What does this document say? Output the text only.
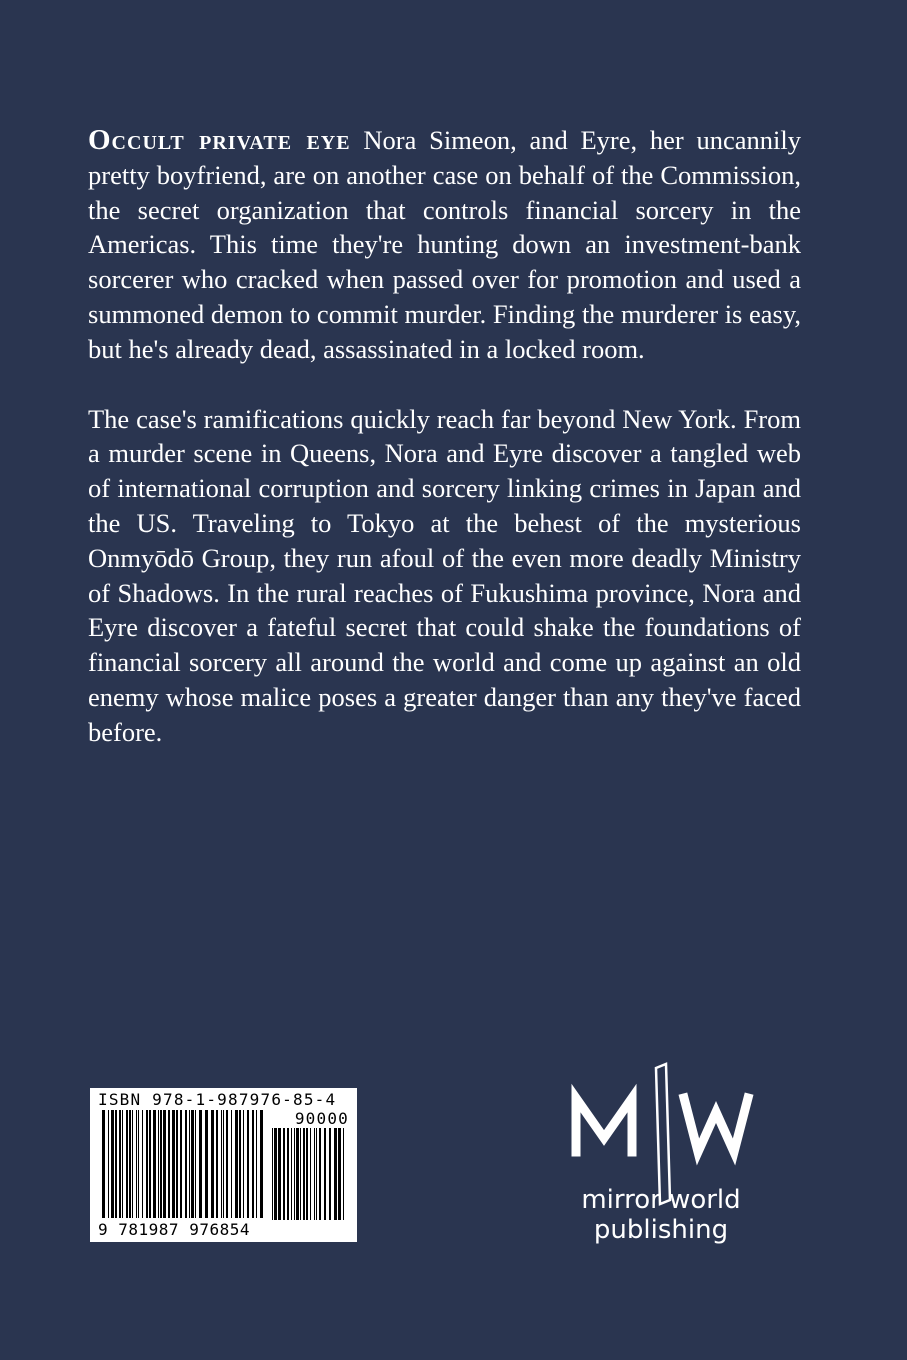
Occult private eye Nora Simeon, and Eyre, her uncannily pretty boyfriend, are on another case on behalf of the Commission, the secret organization that controls financial sorcery in the Americas. This time they're hunting down an investment-bank sorcerer who cracked when passed over for promotion and used a summoned demon to commit murder. Finding the murderer is easy, but he's already dead, assassinated in a locked room.

The case's ramifications quickly reach far beyond New York. From a murder scene in Queens, Nora and Eyre discover a tangled web of international corruption and sorcery linking crimes in Japan and the US. Traveling to Tokyo at the behest of the mysterious Onmyōdō Group, they run afoul of the even more deadly Ministry of Shadows. In the rural reaches of Fukushima province, Nora and Eyre discover a fateful secret that could shake the foundations of financial sorcery all around the world and come up against an old enemy whose malice poses a greater danger than any they've faced before.

ISBN 978-1-987976-85-4
90000
9 781987 976854
mirror world
publishing
